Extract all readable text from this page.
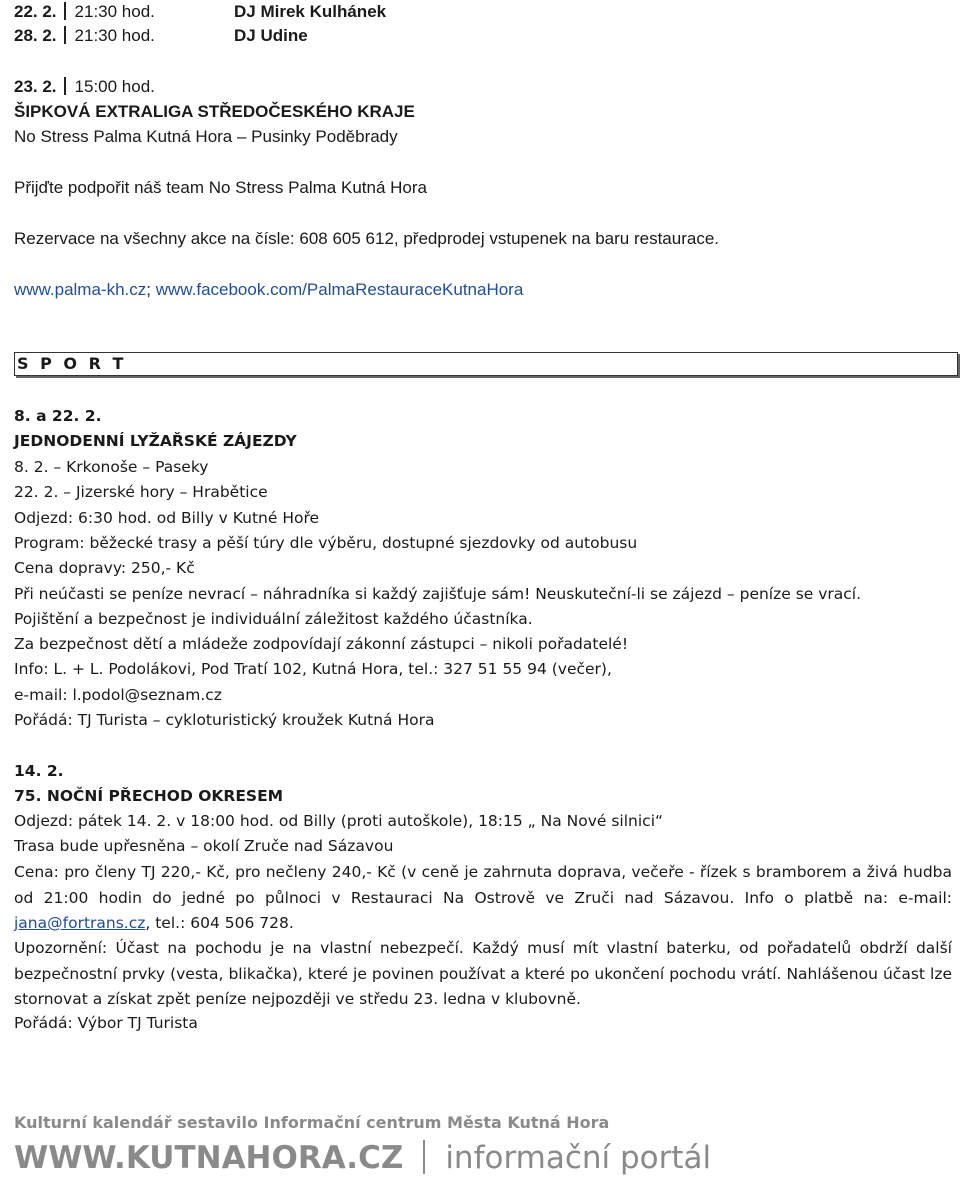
22. 2. 21:30 hod.	DJ Mirek Kulhánek
28. 2. 21:30 hod.	DJ Udine
23. 2. 15:00 hod.
ŠIPKOVÁ EXTRALIGA STŘEDOČESKÉHO KRAJE
No Stress Palma Kutná Hora – Pusinky Poděbrady
Přijďte podpořit náš team No Stress Palma Kutná Hora
Rezervace na všechny akce na čísle: 608 605 612, předprodej vstupenek na baru restaurace.
www.palma-kh.cz; www.facebook.com/PalmaRestauraceKutnaHora
S P O R T
8. a 22. 2.
JEDNODENNÍ LYŽAŘSKÉ ZÁJEZDY
8. 2. – Krkonoše – Paseky
22. 2. – Jizerské hory – Hrabětice
Odjezd: 6:30 hod. od Billy v Kutné Hoře
Program: běžecké trasy a pěší túry dle výběru, dostupné sjezdovky od autobusu
Cena dopravy: 250,- Kč
Při neúčasti se peníze nevrací – náhradníka si každý zajišťuje sám! Neuskuteční-li se zájezd – peníze se vrací.
Pojištění a bezpečnost je individuální záležitost každého účastníka.
Za bezpečnost dětí a mládeže zodpovídají zákonní zástupci – nikoli pořadatelé!
Info: L. + L. Podolákovi, Pod Tratí 102, Kutná Hora, tel.: 327 51 55 94 (večer),
e-mail: l.podol@seznam.cz
Pořádá: TJ Turista – cykloturistický kroužek Kutná Hora
14. 2.
75. NOČNÍ PŘECHOD OKRESEM
Odjezd: pátek 14. 2. v 18:00 hod. od Billy (proti autoškole), 18:15 „ Na Nové silnici“
Trasa bude upřesněna – okolí Zruče nad Sázavou
Cena: pro členy TJ 220,- Kč, pro nečleny 240,- Kč (v ceně je zahrnuta doprava, večeře - řízek s bramborem a živá hudba od 21:00 hodin do jedné po půlnoci v Restauraci Na Ostrově ve Zruči nad Sázavou. Info o platbě na: e-mail: jana@fortrans.cz, tel.: 604 506 728.
Upozornění: Účast na pochodu je na vlastní nebezpečí. Každý musí mít vlastní baterku, od pořadatelů obdrží další bezpečnostní prvky (vesta, blikačka), které je povinen používat a které po ukončení pochodu vrátí. Nahlášenou účast lze stornovat a získat zpět peníze nejpozději ve středu 23. ledna v klubovně.
Pořádá: Výbor TJ Turista
Kulturní kalendář sestavilo Informační centrum Města Kutná Hora
WWW.KUTNAHORA.CZ informační portál
